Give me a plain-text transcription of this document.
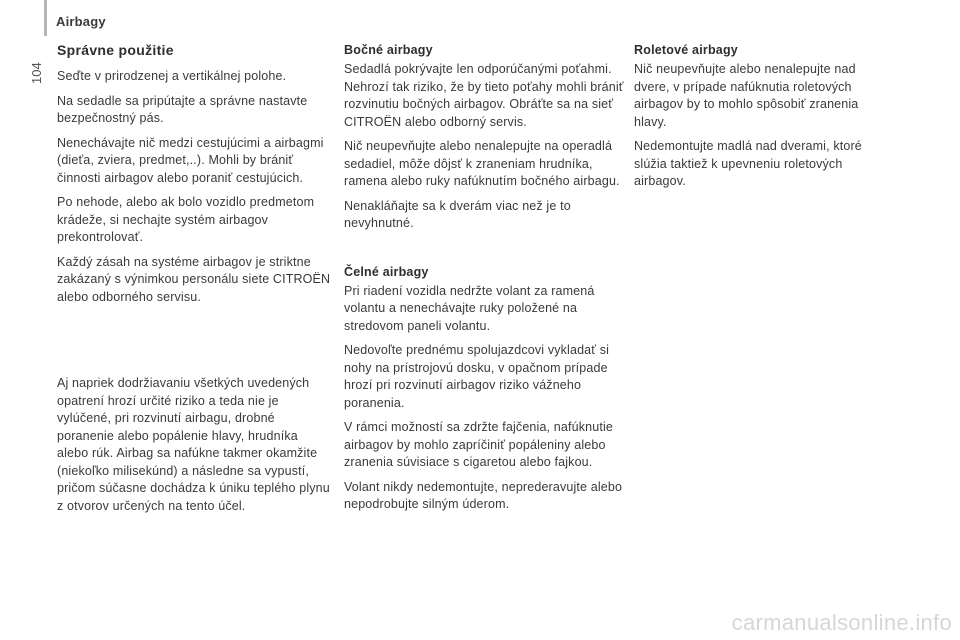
Airbagy
104
Správne použitie

Seďte v prirodzenej a vertikálnej polohe.

Na sedadle sa pripútajte a správne nastavte bezpečnostný pás.

Nenechávajte nič medzi cestujúcimi a airbagmi (dieťa, zviera, predmet,..). Mohli by brániť činnosti airbagov alebo poraniť cestujúcich.

Po nehode, alebo ak bolo vozidlo predmetom krádeže, si nechajte systém airbagov prekontrolovať.

Každý zásah na systéme airbagov je striktne zakázaný s výnimkou personálu siete CITROËN alebo odborného servisu.

Aj napriek dodržiavaniu všetkých uvedených opatrení hrozí určité riziko a teda nie je vylúčené, pri rozvinutí airbagu, drobné poranenie alebo popálenie hlavy, hrudníka alebo rúk. Airbag sa nafúkne takmer okamžite (niekoľko milisekúnd) a následne sa vypustí, pričom súčasne dochádza k úniku teplého plynu z otvorov určených na tento účel.

Bočné airbagy

Sedadlá pokrývajte len odporúčanými poťahmi. Nehrozí tak riziko, že by tieto poťahy mohli brániť rozvinutiu bočných airbagov. Obráťte sa na sieť CITROËN alebo odborný servis.

Nič neupevňujte alebo nenalepujte na operadlá sedadiel, môže dôjsť k zraneniam hrudníka, ramena alebo ruky nafúknutím bočného airbagu.

Nenakláňajte sa k dverám viac než je to nevyhnutné.

Čelné airbagy

Pri riadení vozidla nedržte volant za ramená volantu a nenechávajte ruky položené na stredovom paneli volantu.

Nedovoľte prednému spolujazdcovi vykladať si nohy na prístrojovú dosku, v opačnom prípade hrozí pri rozvinutí airbagov riziko vážneho poranenia.

V rámci možností sa zdržte fajčenia, nafúknutie airbagov by mohlo zapríčiniť popáleniny alebo zranenia súvisiace s cigaretou alebo fajkou.

Volant nikdy nedemontujte, neprederavujte alebo nepodrobujte silným úderom.

Roletové airbagy

Nič neupevňujte alebo nenalepujte nad dvere, v prípade nafúknutia roletových airbagov by to mohlo spôsobiť zranenia hlavy.

Nedemontujte madlá nad dverami, ktoré slúžia taktiež k upevneniu roletových airbagov.

carmanualsonline.info
